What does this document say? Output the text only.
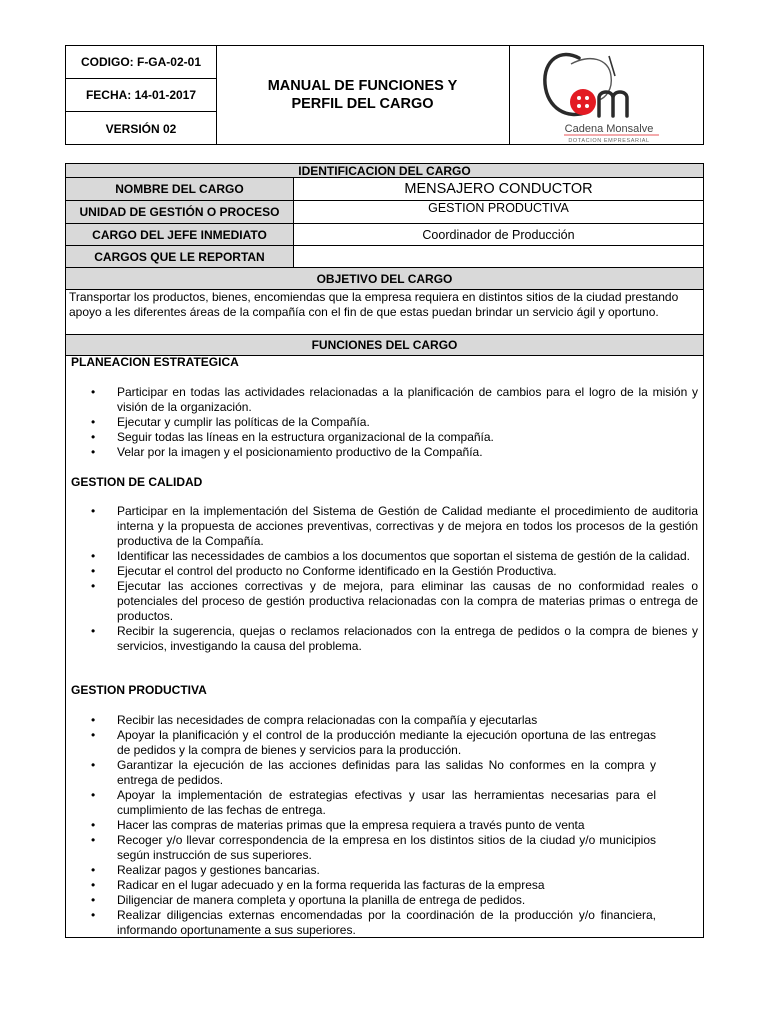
CODIGO: F-GA-02-01
FECHA: 14-01-2017
VERSIÓN 02
MANUAL DE FUNCIONES Y
PERFIL DEL CARGO
Cadena Monsalve
DOTACION EMPRESARIAL
IDENTIFICACION DEL CARGO
NOMBRE DEL CARGO	MENSAJERO CONDUCTOR
UNIDAD DE GESTIÓN O PROCESO	GESTION PRODUCTIVA
CARGO DEL JEFE INMEDIATO	Coordinador de Producción
CARGOS QUE LE REPORTAN
OBJETIVO DEL CARGO
Transportar los productos, bienes, encomiendas que la empresa requiera en distintos sitios de la ciudad prestando apoyo a les diferentes áreas de la compañía con el fin de que estas puedan brindar un servicio ágil y oportuno.
FUNCIONES DEL CARGO
PLANEACION ESTRATEGICA
• Participar en todas las actividades relacionadas a la planificación de cambios para el logro de la misión y visión de la organización.
• Ejecutar y cumplir las políticas de la Compañía.
• Seguir todas las líneas en la estructura organizacional de la compañía.
• Velar por la imagen y el posicionamiento productivo de la Compañía.
GESTION DE CALIDAD
• Participar en la implementación del Sistema de Gestión de Calidad mediante el procedimiento de auditoria interna y la propuesta de acciones preventivas, correctivas y de mejora en todos los procesos de la gestión productiva de la Compañía.
• Identificar las necessidades de cambios a los documentos que soportan el sistema de gestión de la calidad.
• Ejecutar el control del producto no Conforme identificado en la Gestión Productiva.
• Ejecutar las acciones correctivas y de mejora, para eliminar las causas de no conformidad reales o potenciales del proceso de gestión productiva relacionadas con la compra de materias primas o entrega de productos.
• Recibir la sugerencia, quejas o reclamos relacionados con la entrega de pedidos o la compra de bienes y servicios, investigando la causa del problema.
GESTION PRODUCTIVA
• Recibir las necesidades de compra relacionadas con la compañía y ejecutarlas
• Apoyar la planificación y el control de la producción mediante la ejecución oportuna de las entregas de pedidos y la compra de bienes y servicios para la producción.
• Garantizar la ejecución de las acciones definidas para las salidas No conformes en la compra y entrega de pedidos.
• Apoyar la implementación de estrategias efectivas y usar las herramientas necesarias para el cumplimiento de las fechas de entrega.
• Hacer las compras de materias primas que la empresa requiera a través punto de venta
• Recoger y/o llevar correspondencia de la empresa en los distintos sitios de la ciudad y/o municipios según instrucción de sus superiores.
• Realizar pagos y gestiones bancarias.
• Radicar en el lugar adecuado y en la forma requerida las facturas de la empresa
• Diligenciar de manera completa y oportuna la planilla de entrega de pedidos.
• Realizar diligencias externas encomendadas por la coordinación de la producción y/o financiera, informando oportunamente a sus superiores.
